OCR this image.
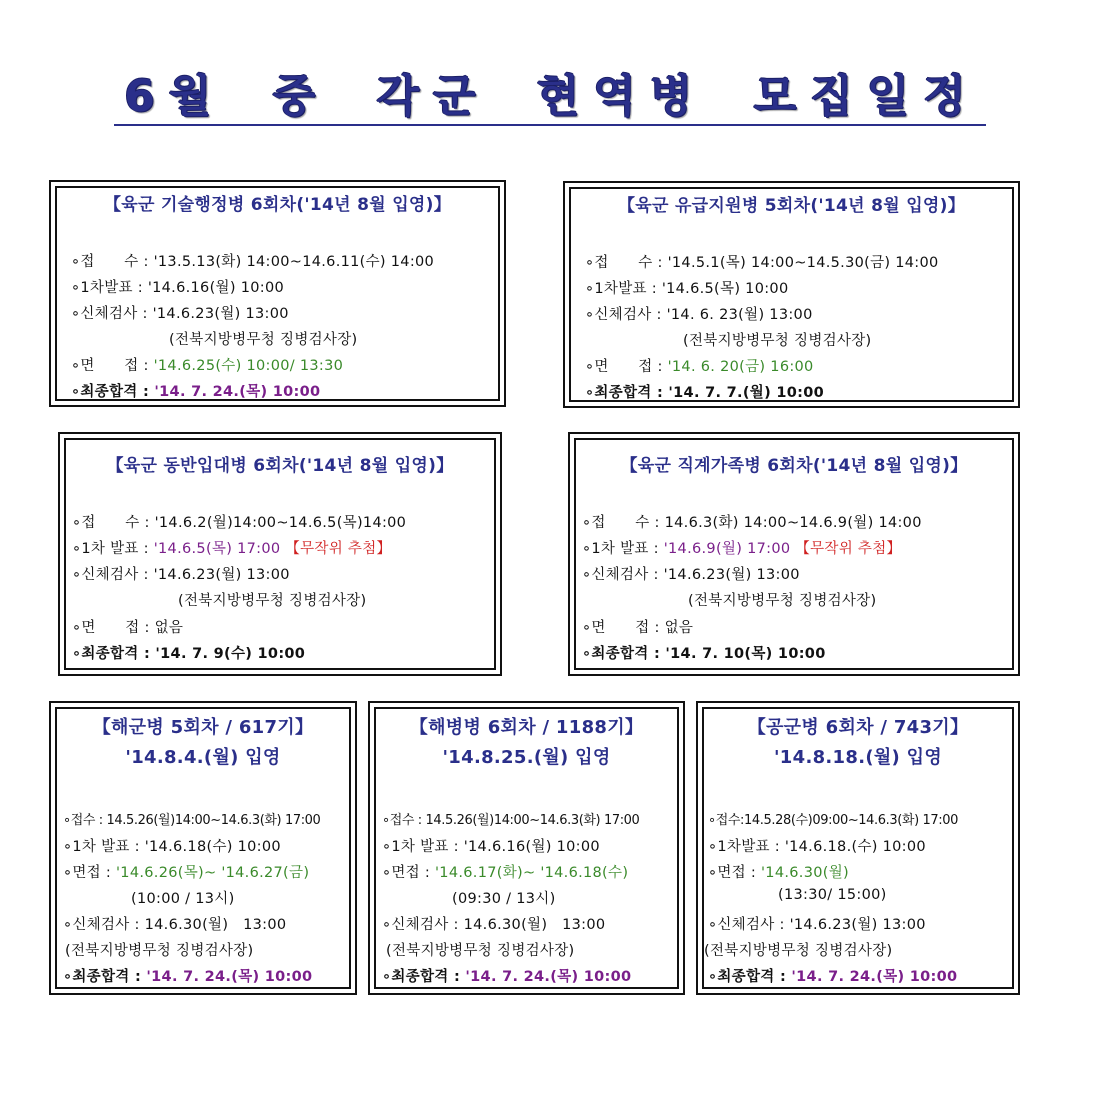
6월 중 각군 현역병 모집일정
【육군 기술행정병 6회차('14년 8월 입영)】
∘접　　수 : '13.5.13(화) 14:00~14.6.11(수) 14:00
∘1차발표 : '14.6.16(월) 10:00
∘신체검사 : '14.6.23(월) 13:00
(전북지방병무청 징병검사장)
∘면　　접 : '14.6.25(수) 10:00/ 13:30
∘최종합격 : '14. 7. 24.(목) 10:00
【육군 유급지원병 5회차('14년 8월 입영)】
∘접　　수 : '14.5.1(목) 14:00~14.5.30(금) 14:00
∘1차발표 : '14.6.5(목) 10:00
∘신체검사 : '14. 6. 23(월) 13:00
(전북지방병무청 징병검사장)
∘면　　접 : '14. 6. 20(금) 16:00
∘최종합격 : '14. 7. 7.(월) 10:00
【육군 동반입대병 6회차('14년 8월 입영)】
∘접　　수 : '14.6.2(월)14:00~14.6.5(목)14:00
∘1차 발표 : '14.6.5(목) 17:00 【무작위 추첨】
∘신체검사 : '14.6.23(월) 13:00
(전북지방병무청 징병검사장)
∘면　　접 : 없음
∘최종합격 : '14. 7. 9(수) 10:00
【육군 직계가족병 6회차('14년 8월 입영)】
∘접　　수 : 14.6.3(화) 14:00~14.6.9(월) 14:00
∘1차 발표 : '14.6.9(월) 17:00 【무작위 추첨】
∘신체검사 : '14.6.23(월) 13:00
(전북지방병무청 징병검사장)
∘면　　접 : 없음
∘최종합격 : '14. 7. 10(목) 10:00
【해군병 5회차 / 617기】
'14.8.4.(월) 입영
∘접수 : 14.5.26(월)14:00~14.6.3(화) 17:00
∘1차 발표 : '14.6.18(수) 10:00
∘면접 : '14.6.26(목)~ '14.6.27(금)
(10:00 / 13시)
∘신체검사 : 14.6.30(월)　13:00
(전북지방병무청 징병검사장)
∘최종합격 : '14. 7. 24.(목) 10:00
【해병병 6회차 / 1188기】
'14.8.25.(월) 입영
∘접수 : 14.5.26(월)14:00~14.6.3(화) 17:00
∘1차 발표 : '14.6.16(월) 10:00
∘면접 : '14.6.17(화)~ '14.6.18(수)
(09:30 / 13시)
∘신체검사 : 14.6.30(월)　13:00
(전북지방병무청 징병검사장)
∘최종합격 : '14. 7. 24.(목) 10:00
【공군병 6회차 / 743기】
'14.8.18.(월) 입영
∘접수:14.5.28(수)09:00~14.6.3(화) 17:00
∘1차발표 : '14.6.18.(수) 10:00
∘면접 : '14.6.30(월)
(13:30/ 15:00)
∘신체검사 : '14.6.23(월) 13:00
(전북지방병무청 징병검사장)
∘최종합격 : '14. 7. 24.(목) 10:00
